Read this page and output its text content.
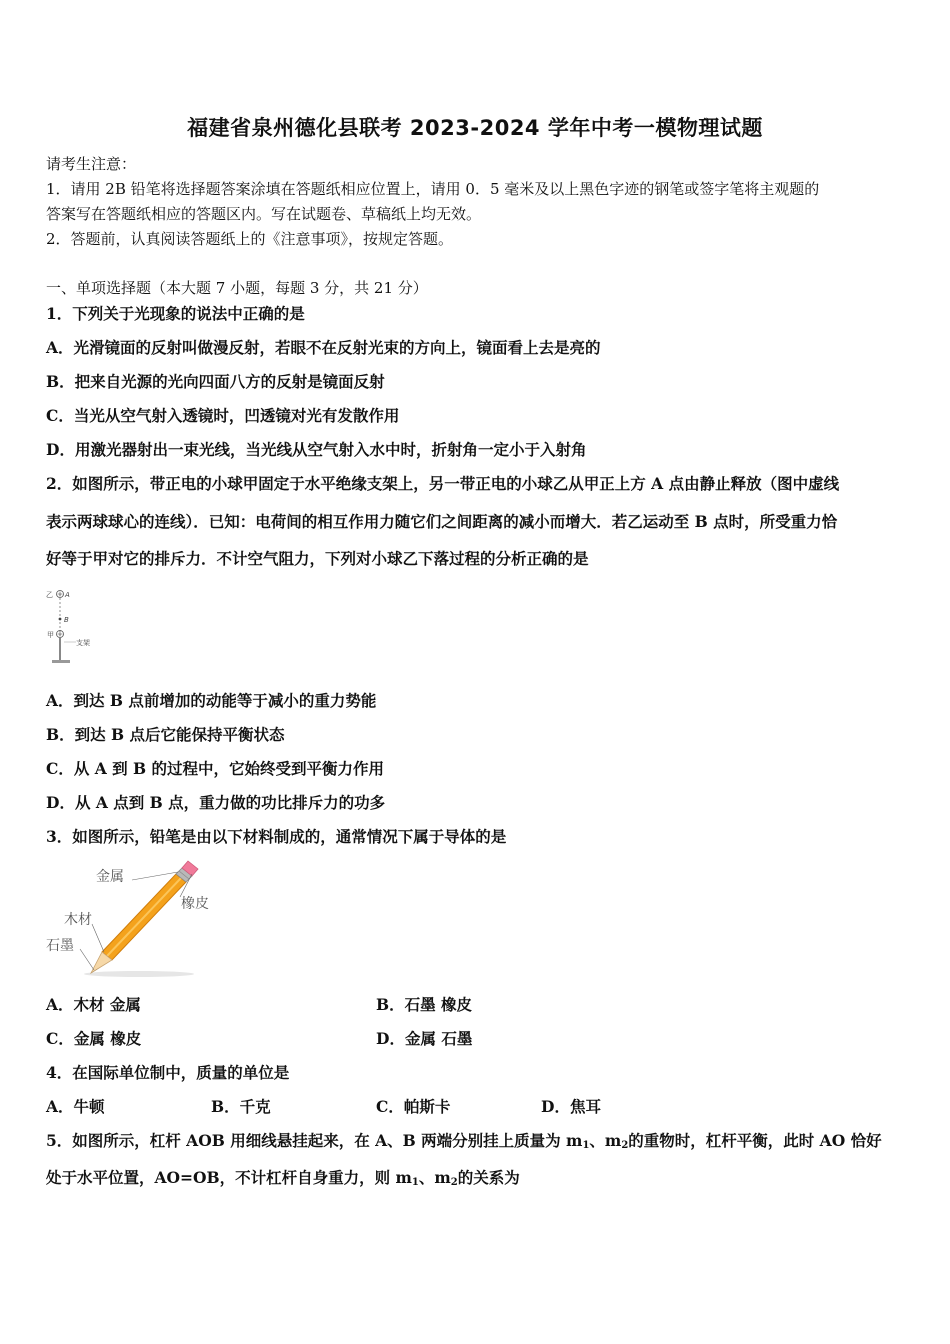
福建省泉州德化县联考 2023-2024 学年中考一模物理试题
请考生注意：
1．请用 2B 铅笔将选择题答案涂填在答题纸相应位置上，请用 0．5 毫米及以上黑色字迹的钢笔或签字笔将主观题的
答案写在答题纸相应的答题区内。写在试题卷、草稿纸上均无效。
2．答题前，认真阅读答题纸上的《注意事项》，按规定答题。
一、单项选择题（本大题 7 小题，每题 3 分，共 21 分）
1．下列关于光现象的说法中正确的是
A．光滑镜面的反射叫做漫反射，若眼不在反射光束的方向上，镜面看上去是亮的
B．把来自光源的光向四面八方的反射是镜面反射
C．当光从空气射入透镜时，凹透镜对光有发散作用
D．用激光器射出一束光线，当光线从空气射入水中时，折射角一定小于入射角
2．如图所示，带正电的小球甲固定于水平绝缘支架上，另一带正电的小球乙从甲正上方 A 点由静止释放（图中虚线
表示两球球心的连线）．已知：电荷间的相互作用力随它们之间距离的减小而增大．若乙运动至 B 点时，所受重力恰
好等于甲对它的排斥力．不计空气阻力，下列对小球乙下落过程的分析正确的是
乙 A
B
甲
支架
A．到达 B 点前增加的动能等于减小的重力势能
B．到达 B 点后它能保持平衡状态
C．从 A 到 B 的过程中，它始终受到平衡力作用
D．从 A 点到 B 点，重力做的功比排斥力的功多
3．如图所示，铅笔是由以下材料制成的，通常情况下属于导体的是
金属
橡皮
木材
石墨
A．木材 金属	B．石墨 橡皮
C．金属 橡皮	D．金属 石墨
4．在国际单位制中，质量的单位是
A．牛顿	B．千克	C．帕斯卡	D．焦耳
5．如图所示，杠杆 AOB 用细线悬挂起来，在 A、B 两端分别挂上质量为 $m_1$、$m_2$的重物时，杠杆平衡，此时 AO 恰好
处于水平位置，AO=OB，不计杠杆自身重力，则 $m_1$、$m_2$的关系为
